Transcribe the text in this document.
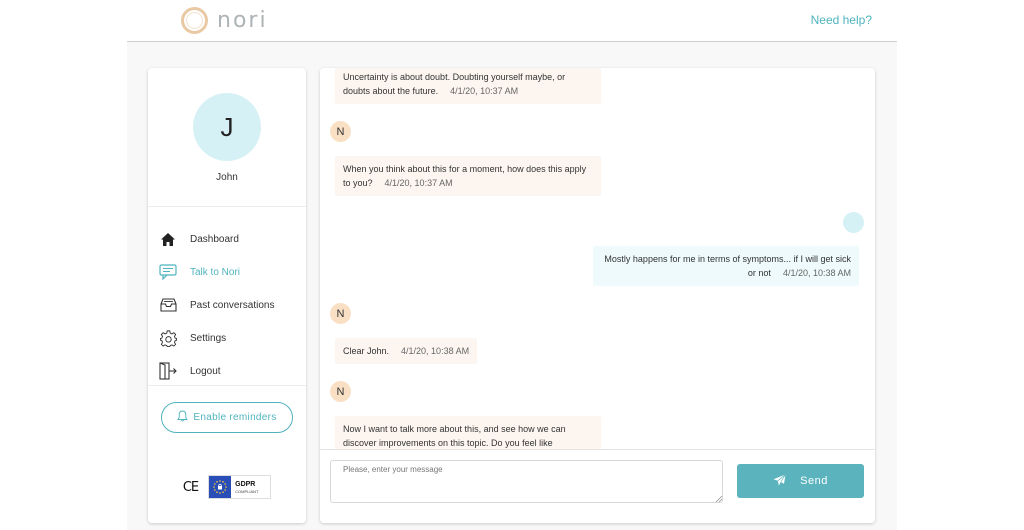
nori	Need help?
J
John
Dashboard
Talk to Nori
Past conversations
Settings
Logout
Enable reminders
CE	GDPR
COMPLIANT
Uncertainty is about doubt. Doubting yourself maybe, or doubts about the future. 4/1/20, 10:37 AM
N
When you think about this for a moment, how does this apply to you? 4/1/20, 10:37 AM
Mostly happens for me in terms of symptoms... if I will get sick or not 4/1/20, 10:38 AM
N
Clear John. 4/1/20, 10:38 AM
N
Now I want to talk more about this, and see how we can discover improvements on this topic. Do you feel like
Please, enter your message
Send
